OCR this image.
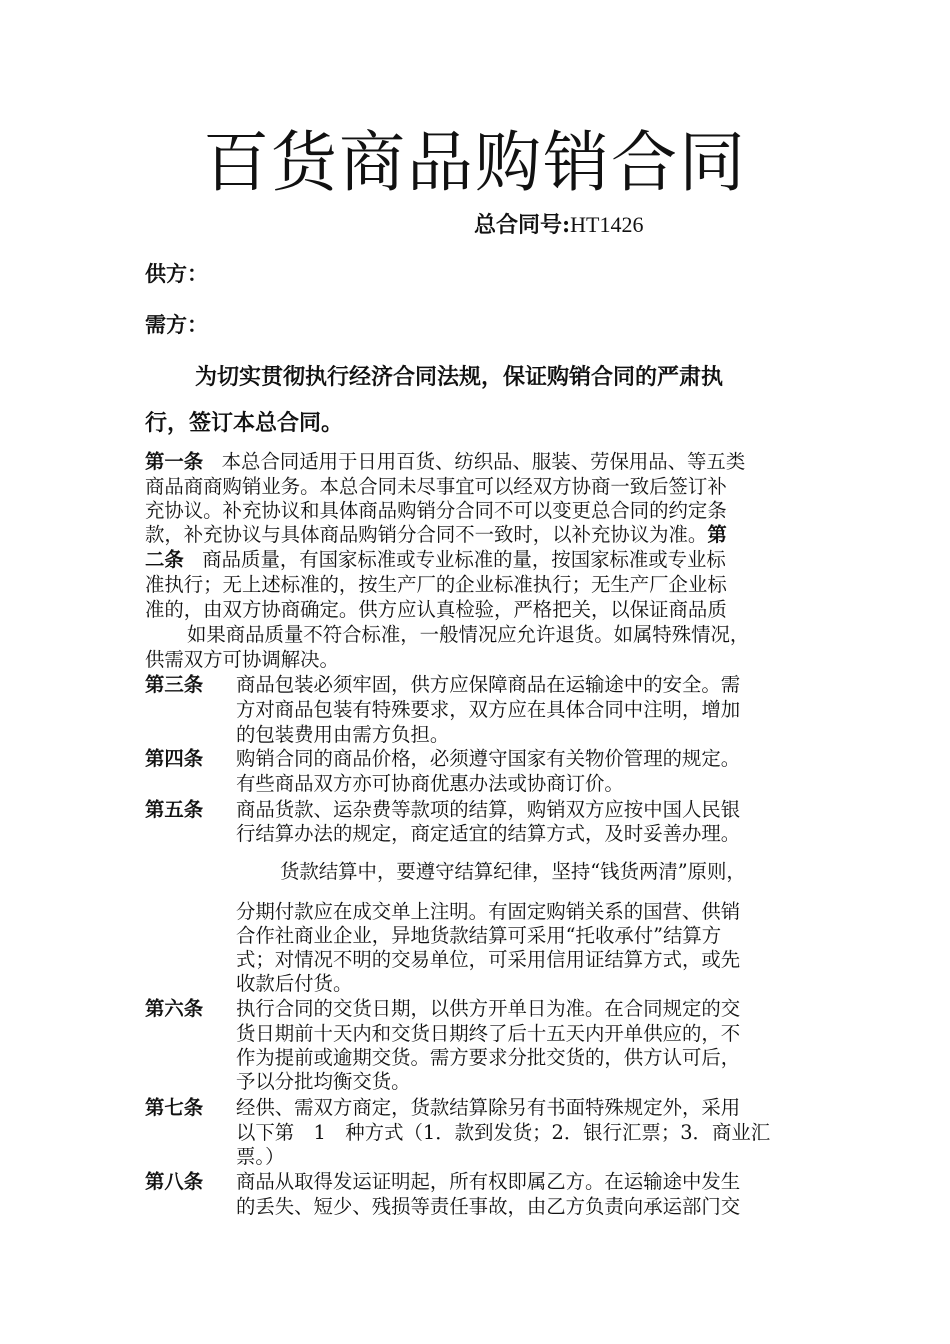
百货商品购销合同
总合同号:HT1426
供方：
需方：
为切实贯彻执行经济合同法规，保证购销合同的严肃执
行，签订本总合同。
第一条 本总合同适用于日用百货、纺织品、服装、劳保用品、等五类
商品商商购销业务。本总合同未尽事宜可以经双方协商一致后签订补
充协议。补充协议和具体商品购销分合同不可以变更总合同的约定条
款，补充协议与具体商品购销分合同不一致时，以补充协议为准。第
二条 商品质量，有国家标准或专业标准的量，按国家标准或专业标
准执行；无上述标准的，按生产厂的企业标准执行；无生产厂企业标
准的，由双方协商确定。供方应认真检验，严格把关，以保证商品质
如果商品质量不符合标准，一般情况应允许退货。如属特殊情况，
供需双方可协调解决。
第三条 商品包装必须牢固，供方应保障商品在运输途中的安全。需
方对商品包装有特殊要求，双方应在具体合同中注明，增加
的包装费用由需方负担。
第四条 购销合同的商品价格，必须遵守国家有关物价管理的规定。
有些商品双方亦可协商优惠办法或协商订价。
第五条 商品货款、运杂费等款项的结算，购销双方应按中国人民银
行结算办法的规定，商定适宜的结算方式，及时妥善办理。
货款结算中，要遵守结算纪律，坚持“钱货两清”原则，
分期付款应在成交单上注明。有固定购销关系的国营、供销
合作社商业企业，异地货款结算可采用“托收承付”结算方
式；对情况不明的交易单位，可采用信用证结算方式，或先
收款后付货。
第六条 执行合同的交货日期，以供方开单日为准。在合同规定的交
货日期前十天内和交货日期终了后十五天内开单供应的，不
作为提前或逾期交货。需方要求分批交货的，供方认可后，
予以分批均衡交货。
第七条 经供、需双方商定，货款结算除另有书面特殊规定外，采用
以下第　1　种方式（1．款到发货；2．银行汇票；3．商业汇
票。）
第八条 商品从取得发运证明起，所有权即属乙方。在运输途中发生
的丢失、短少、残损等责任事故，由乙方负责向承运部门交
